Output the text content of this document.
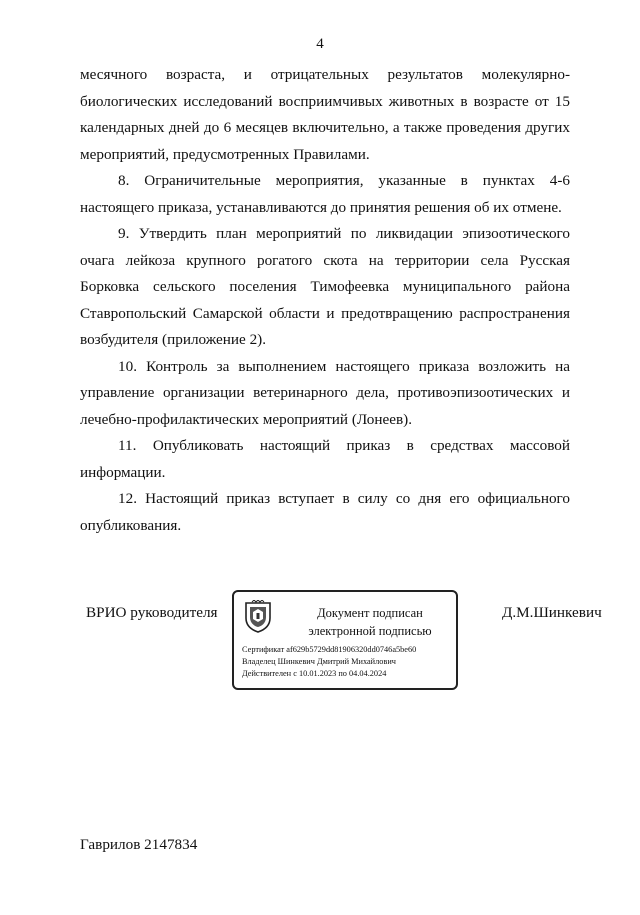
4

месячного возраста, и отрицательных результатов молекулярно-биологических исследований восприимчивых животных в возрасте от 15 календарных дней до 6 месяцев включительно, а также проведения других мероприятий, предусмотренных Правилами.

8. Ограничительные мероприятия, указанные в пунктах 4-6 настоящего приказа, устанавливаются до принятия решения об их отмене.

9. Утвердить план мероприятий по ликвидации эпизоотического очага лейкоза крупного рогатого скота на территории села Русская Борковка сельского поселения Тимофеевка муниципального района Ставропольский Самарской области и предотвращению распространения возбудителя (приложение 2).

10. Контроль за выполнением настоящего приказа возложить на управление организации ветеринарного дела, противоэпизоотических и лечебно-профилактических мероприятий (Лонеев).

11. Опубликовать настоящий приказ в средствах массовой информации.

12. Настоящий приказ вступает в силу со дня его официального опубликования.

ВРИО руководителя	Документ подписан
электронной подписью
Сертификат af629b5729dd81906320dd0746a5be60
Владелец Шинкевич Дмитрий Михайлович
Действителен с 10.01.2023 по 04.04.2024
Д.М.Шинкевич
Гаврилов 2147834
